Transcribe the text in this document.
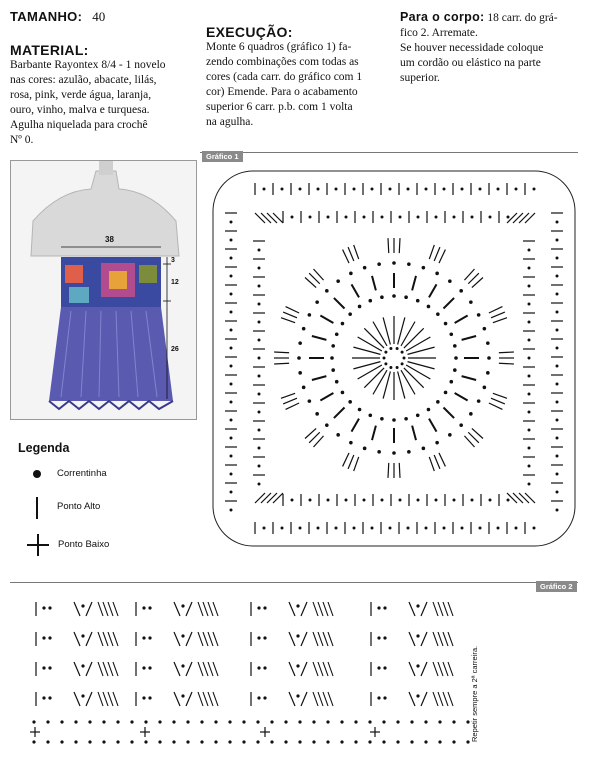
TAMANHO: 40
MATERIAL:
Barbante Rayontex 8/4 - 1 novelo
nas cores: azulão, abacate, lilás,
rosa, pink, verde água, laranja,
ouro, vinho, malva e turquesa.
Agulha niquelada para crochê
Nº 0.
EXECUÇÃO:
Monte 6 quadros (gráfico 1) fa-
zendo combinações com todas as
cores (cada carr. do gráfico com 1
cor) Emende. Para o acabamento
superior 6 carr. p.b. com 1 volta
na agulha.
Para o corpo: 18 carr. do grá-
fico 2. Arremate.
Se houver necessidade coloque
um cordão ou elástico na parte
superior.
Gráfico 1
38
3
12
26
Legenda
Correntinha
Ponto Alto
Ponto Baixo
Gráfico 2
Repetir sempre a 2ª carreira.
